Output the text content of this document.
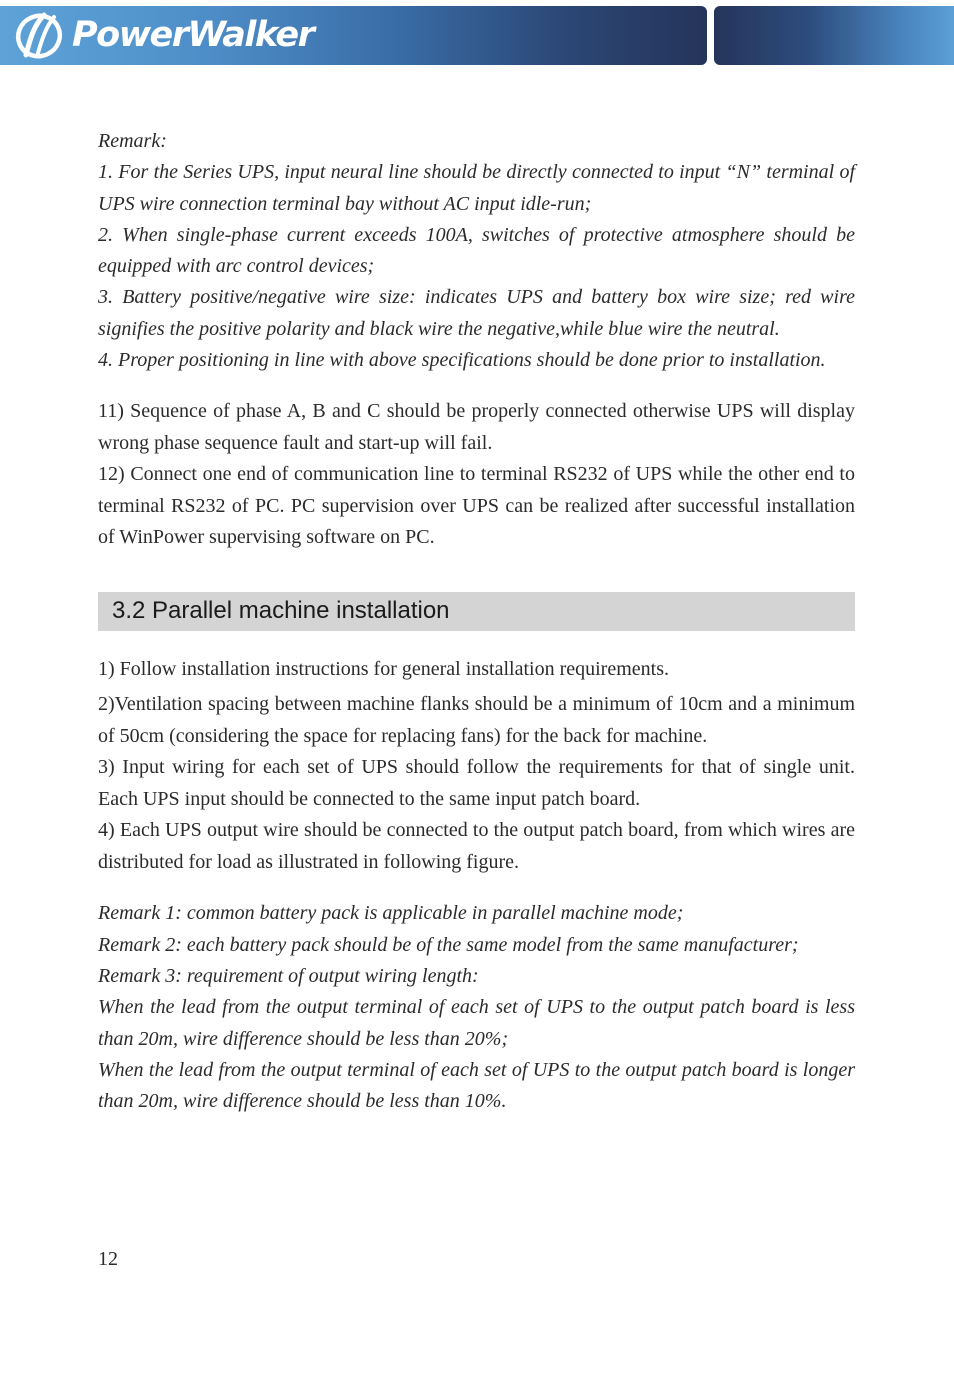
PowerWalker

Remark:

1. For the Series UPS, input neural line should be directly connected to input “N” terminal of UPS wire connection terminal bay without AC input idle-run;

2. When single-phase current exceeds 100A, switches of protective atmosphere should be equipped with arc control devices;

3. Battery positive/negative wire size: indicates UPS and battery box wire size; red wire signifies the positive polarity and black wire the negative,while blue wire the neutral.

4. Proper positioning in line with above specifications should be done prior to installation.

11) Sequence of phase A, B and C should be properly connected otherwise UPS will display wrong phase sequence fault and start-up will fail.

12) Connect one end of communication line to terminal RS232 of UPS while the other end to terminal RS232 of PC. PC supervision over UPS can be realized after successful installation of WinPower supervising software on PC.

3.2 Parallel machine installation

1) Follow installation instructions for general installation requirements.

2)Ventilation spacing between machine flanks should be a minimum of 10cm and a minimum of 50cm (considering the space for replacing fans) for the back for machine.

3) Input wiring for each set of UPS should follow the requirements for that of single unit. Each UPS input should be connected to the same input patch board.

4) Each UPS output wire should be connected to the output patch board, from which wires are distributed for load as illustrated in following figure.

Remark 1: common battery pack is applicable in parallel machine mode;

Remark 2: each battery pack should be of the same model from the same manufacturer;

Remark 3: requirement of output wiring length:

When the lead from the output terminal of each set of UPS to the output patch board is less than 20m, wire difference should be less than 20%;

When the lead from the output terminal of each set of UPS to the output patch board is longer than 20m, wire difference should be less than 10%.

12
